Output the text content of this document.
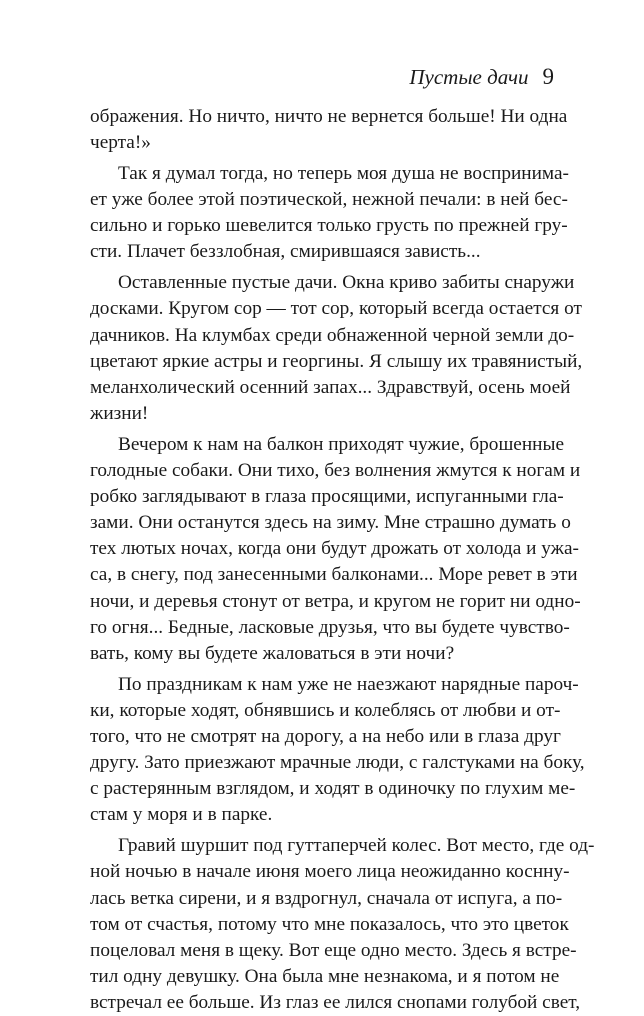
Пустые дачи 9
ображения. Но ничто, ничто не вернется больше! Ни одна
черта!»
Так я думал тогда, но теперь моя душа не воспринима-
ет уже более этой поэтической, нежной печали: в ней бес-
сильно и горько шевелится только грусть по прежней гру-
сти. Плачет беззлобная, смирившаяся зависть...
Оставленные пустые дачи. Окна криво забиты снаружи
досками. Кругом сор — тот сор, который всегда остается от
дачников. На клумбах среди обнаженной черной земли до-
цветают яркие астры и георгины. Я слышу их травянистый,
меланхолический осенний запах... Здравствуй, осень моей
жизни!
Вечером к нам на балкон приходят чужие, брошенные
голодные собаки. Они тихо, без волнения жмутся к ногам и
робко заглядывают в глаза просящими, испуганными гла-
зами. Они останутся здесь на зиму. Мне страшно думать о
тех лютых ночах, когда они будут дрожать от холода и ужа-
са, в снегу, под занесенными балконами... Море ревет в эти
ночи, и деревья стонут от ветра, и кругом не горит ни одно-
го огня... Бедные, ласковые друзья, что вы будете чувство-
вать, кому вы будете жаловаться в эти ночи?
По праздникам к нам уже не наезжают нарядные пароч-
ки, которые ходят, обнявшись и колеблясь от любви и от-
того, что не смотрят на дорогу, а на небо или в глаза друг
другу. Зато приезжают мрачные люди, с галстуками на боку,
с растерянным взглядом, и ходят в одиночку по глухим ме-
стам у моря и в парке.
Гравий шуршит под гуттаперчей колес. Вот место, где од-
ной ночью в начале июня моего лица неожиданно коснну-
лась ветка сирени, и я вздрогнул, сначала от испуга, а по-
том от счастья, потому что мне показалось, что это цветок
поцеловал меня в щеку. Вот еще одно место. Здесь я встре-
тил одну девушку. Она была мне незнакома, и я потом не
встречал ее больше. Из глаз ее лился снопами голубой свет,
